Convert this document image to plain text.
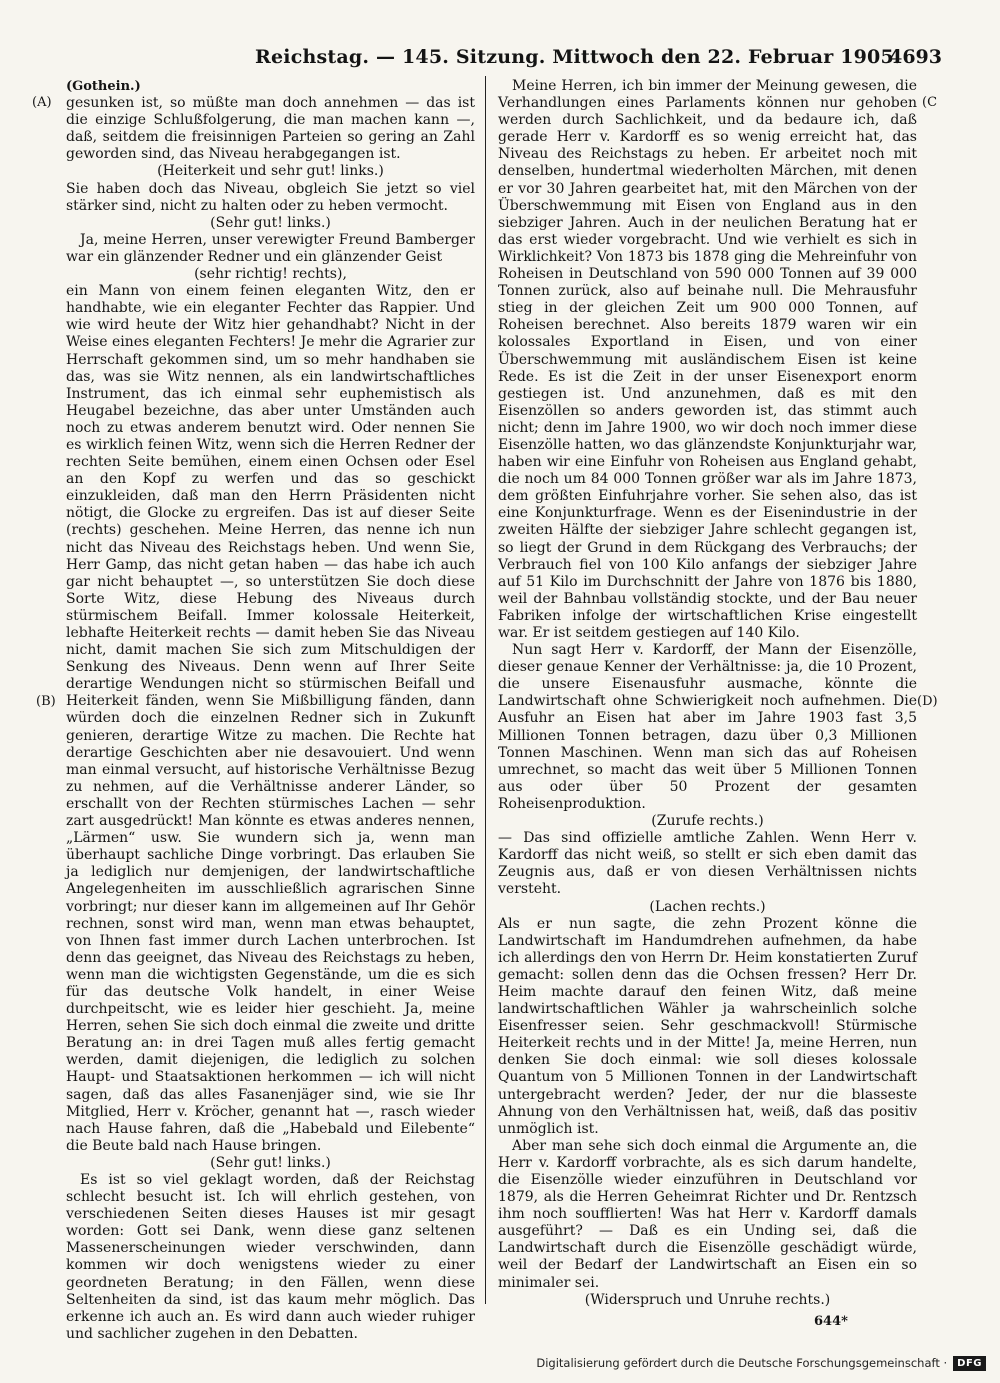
Reichstag. — 145. Sitzung. Mittwoch den 22. Februar 1905.
4693
(A)
(B)
(C
(D)

(Gothein.)

gesunken ist, so müßte man doch annehmen — das ist die einzige Schlußfolgerung, die man machen kann —, daß, seitdem die freisinnigen Parteien so gering an Zahl geworden sind, das Niveau herabgegangen ist.

(Heiterkeit und sehr gut! links.)

Sie haben doch das Niveau, obgleich Sie jetzt so viel stärker sind, nicht zu halten oder zu heben vermocht.

(Sehr gut! links.)

Ja, meine Herren, unser verewigter Freund Bamberger war ein glänzender Redner und ein glänzender Geist

(sehr richtig! rechts),

ein Mann von einem feinen eleganten Witz, den er handhabte, wie ein eleganter Fechter das Rappier. Und wie wird heute der Witz hier gehandhabt? Nicht in der Weise eines eleganten Fechters! Je mehr die Agrarier zur Herrschaft gekommen sind, um so mehr handhaben sie das, was sie Witz nennen, als ein landwirtschaftliches Instrument, das ich einmal sehr euphemistisch als Heugabel bezeichne, das aber unter Umständen auch noch zu etwas anderem benutzt wird. Oder nennen Sie es wirklich feinen Witz, wenn sich die Herren Redner der rechten Seite bemühen, einem einen Ochsen oder Esel an den Kopf zu werfen und das so geschickt einzukleiden, daß man den Herrn Präsidenten nicht nötigt, die Glocke zu ergreifen. Das ist auf dieser Seite (rechts) geschehen. Meine Herren, das nenne ich nun nicht das Niveau des Reichstags heben. Und wenn Sie, Herr Gamp, das nicht getan haben — das habe ich auch gar nicht behauptet —, so unterstützen Sie doch diese Sorte Witz, diese Hebung des Niveaus durch stürmischem Beifall. Immer kolossale Heiterkeit, lebhafte Heiterkeit rechts — damit heben Sie das Niveau nicht, damit machen Sie sich zum Mitschuldigen der Senkung des Niveaus. Denn wenn auf Ihrer Seite derartige Wendungen nicht so stürmischen Beifall und Heiterkeit fänden, wenn Sie Mißbilligung fänden, dann würden doch die einzelnen Redner sich in Zukunft genieren, derartige Witze zu machen. Die Rechte hat derartige Geschichten aber nie desavouiert. Und wenn man einmal versucht, auf historische Verhältnisse Bezug zu nehmen, auf die Verhältnisse anderer Länder, so erschallt von der Rechten stürmisches Lachen — sehr zart ausgedrückt! Man könnte es etwas anderes nennen, „Lärmen“ usw. Sie wundern sich ja, wenn man überhaupt sachliche Dinge vorbringt. Das erlauben Sie ja lediglich nur demjenigen, der landwirtschaftliche Angelegenheiten im ausschließlich agrarischen Sinne vorbringt; nur dieser kann im allgemeinen auf Ihr Gehör rechnen, sonst wird man, wenn man etwas behauptet, von Ihnen fast immer durch Lachen unterbrochen. Ist denn das geeignet, das Niveau des Reichstags zu heben, wenn man die wichtigsten Gegenstände, um die es sich für das deutsche Volk handelt, in einer Weise durchpeitscht, wie es leider hier geschieht. Ja, meine Herren, sehen Sie sich doch einmal die zweite und dritte Beratung an: in drei Tagen muß alles fertig gemacht werden, damit diejenigen, die lediglich zu solchen Haupt- und Staatsaktionen herkommen — ich will nicht sagen, daß das alles Fasanenjäger sind, wie sie Ihr Mitglied, Herr v. Kröcher, genannt hat —, rasch wieder nach Hause fahren, daß die „Habebald und Eilebente“ die Beute bald nach Hause bringen.

(Sehr gut! links.)

Es ist so viel geklagt worden, daß der Reichstag schlecht besucht ist. Ich will ehrlich gestehen, von verschiedenen Seiten dieses Hauses ist mir gesagt worden: Gott sei Dank, wenn diese ganz seltenen Massenerscheinungen wieder verschwinden, dann kommen wir doch wenigstens wieder zu einer geordneten Beratung; in den Fällen, wenn diese Seltenheiten da sind, ist das kaum mehr möglich. Das erkenne ich auch an. Es wird dann auch wieder ruhiger und sachlicher zugehen in den Debatten.

Meine Herren, ich bin immer der Meinung gewesen, die Verhandlungen eines Parlaments können nur gehoben werden durch Sachlichkeit, und da bedaure ich, daß gerade Herr v. Kardorff es so wenig erreicht hat, das Niveau des Reichstags zu heben. Er arbeitet noch mit denselben, hundertmal wiederholten Märchen, mit denen er vor 30 Jahren gearbeitet hat, mit den Märchen von der Überschwemmung mit Eisen von England aus in den siebziger Jahren. Auch in der neulichen Beratung hat er das erst wieder vorgebracht. Und wie verhielt es sich in Wirklichkeit? Von 1873 bis 1878 ging die Mehreinfuhr von Roheisen in Deutschland von 590 000 Tonnen auf 39 000 Tonnen zurück, also auf beinahe null. Die Mehrausfuhr stieg in der gleichen Zeit um 900 000 Tonnen, auf Roheisen berechnet. Also bereits 1879 waren wir ein kolossales Exportland in Eisen, und von einer Überschwemmung mit ausländischem Eisen ist keine Rede. Es ist die Zeit in der unser Eisenexport enorm gestiegen ist. Und anzunehmen, daß es mit den Eisenzöllen so anders geworden ist, das stimmt auch nicht; denn im Jahre 1900, wo wir doch noch immer diese Eisenzölle hatten, wo das glänzendste Konjunkturjahr war, haben wir eine Einfuhr von Roheisen aus England gehabt, die noch um 84 000 Tonnen größer war als im Jahre 1873, dem größten Einfuhrjahre vorher. Sie sehen also, das ist eine Konjunkturfrage. Wenn es der Eisenindustrie in der zweiten Hälfte der siebziger Jahre schlecht gegangen ist, so liegt der Grund in dem Rückgang des Verbrauchs; der Verbrauch fiel von 100 Kilo anfangs der siebziger Jahre auf 51 Kilo im Durchschnitt der Jahre von 1876 bis 1880, weil der Bahnbau vollständig stockte, und der Bau neuer Fabriken infolge der wirtschaftlichen Krise eingestellt war. Er ist seitdem gestiegen auf 140 Kilo.

Nun sagt Herr v. Kardorff, der Mann der Eisenzölle, dieser genaue Kenner der Verhältnisse: ja, die 10 Prozent, die unsere Eisenausfuhr ausmache, könnte die Landwirtschaft ohne Schwierigkeit noch aufnehmen. Die Ausfuhr an Eisen hat aber im Jahre 1903 fast 3,5 Millionen Tonnen betragen, dazu über 0,3 Millionen Tonnen Maschinen. Wenn man sich das auf Roheisen umrechnet, so macht das weit über 5 Millionen Tonnen aus oder über 50 Prozent der gesamten Roheisenproduktion.

(Zurufe rechts.)

— Das sind offizielle amtliche Zahlen. Wenn Herr v. Kardorff das nicht weiß, so stellt er sich eben damit das Zeugnis aus, daß er von diesen Verhältnissen nichts versteht.

(Lachen rechts.)

Als er nun sagte, die zehn Prozent könne die Landwirtschaft im Handumdrehen aufnehmen, da habe ich allerdings den von Herrn Dr. Heim konstatierten Zuruf gemacht: sollen denn das die Ochsen fressen? Herr Dr. Heim machte darauf den feinen Witz, daß meine landwirtschaftlichen Wähler ja wahrscheinlich solche Eisenfresser seien. Sehr geschmackvoll! Stürmische Heiterkeit rechts und in der Mitte! Ja, meine Herren, nun denken Sie doch einmal: wie soll dieses kolossale Quantum von 5 Millionen Tonnen in der Landwirtschaft untergebracht werden? Jeder, der nur die blasseste Ahnung von den Verhältnissen hat, weiß, daß das positiv unmöglich ist.

Aber man sehe sich doch einmal die Argumente an, die Herr v. Kardorff vorbrachte, als es sich darum handelte, die Eisenzölle wieder einzuführen in Deutschland vor 1879, als die Herren Geheimrat Richter und Dr. Rentzsch ihm noch soufflierten! Was hat Herr v. Kardorff damals ausgeführt? — Daß es ein Unding sei, daß die Landwirtschaft durch die Eisenzölle geschädigt würde, weil der Bedarf der Landwirtschaft an Eisen ein so minimaler sei.

(Widerspruch und Unruhe rechts.)

644*
Digitalisierung gefördert durch die Deutsche Forschungsgemeinschaft ·	DFG
